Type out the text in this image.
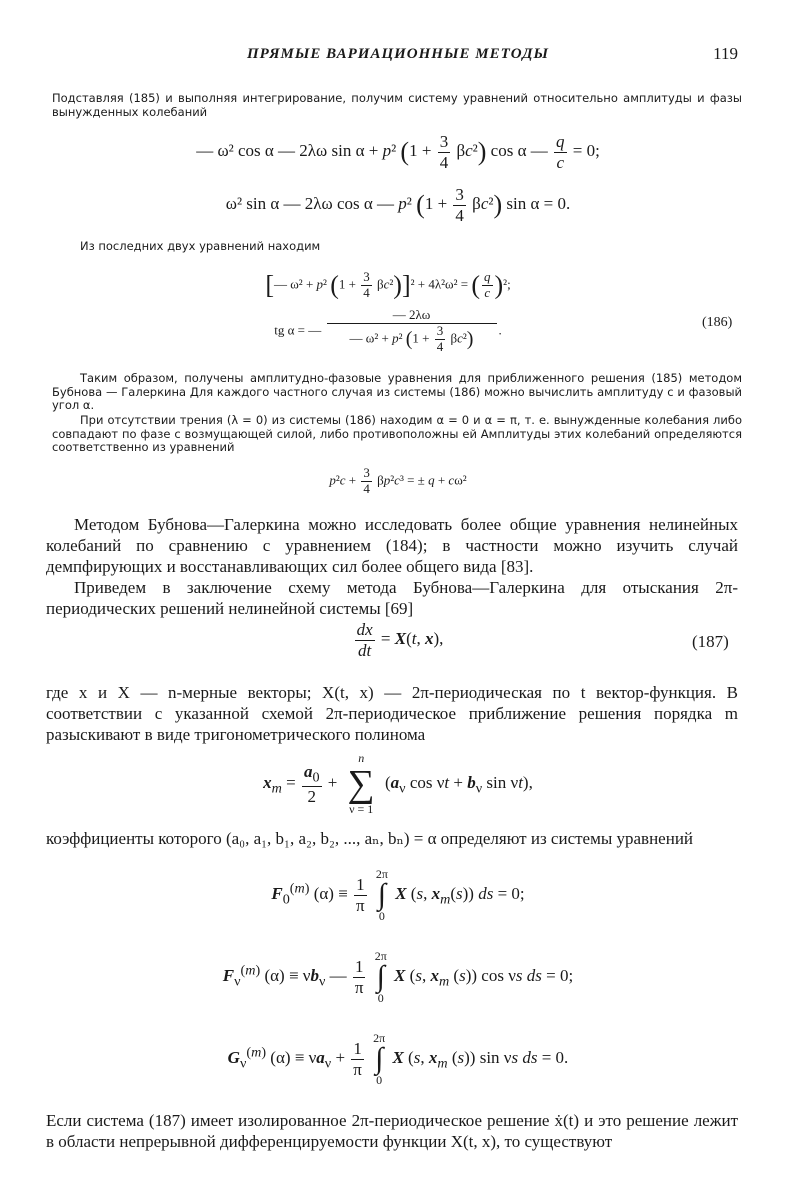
ПРЯМЫЕ ВАРИАЦИОННЫЕ МЕТОДЫ	119
Подставляя (185) и выполняя интегрирование, получим систему уравнений относительно амплитуды и фазы вынужденных колебаний
— ω² cos α — 2λω sin α + p² $(1 + \frac{3}{4} \beta c^2)$ cos α — $\frac{q}{c} = 0$;
ω² sin α — 2λω cos α — p² $(1 + \frac{3}{4} \beta c^2)$ sin α = 0.
Из последних двух уравнений находим
[— ω² + p² $(1 + \frac{3}{4} \beta c^2)]^2 + 4\lambda^2\omega^2$ = ( $\frac{q}{c} )^2$;
tg α = — $\frac{— 2\lambda\omega}{— \omega^2 + p^2 (1 + \frac{3}{4} \beta c^2)}$ .	(186)
Таким образом, получены амплитудно-фазовые уравнения для приближенного решения (185) методом Бубнова — Галеркина Для каждого частного случая из системы (186) можно вычислить амплитуду c и фазовый угол α.
При отсутствии трения (λ = 0) из системы (186) находим α = 0 и α = π, т. е. вынужденные колебания либо совпадают по фазе с возмущающей силой, либо противоположны ей Амплитуды этих колебаний определяются соответственно из уравнений
$p^2c + \frac{3}{4} \beta p^2c^3$ = ± q + cω²
Методом Бубнова—Галеркина можно исследовать более общие уравнения нелинейных колебаний по сравнению с уравнением (184); в частности можно изучить случай демпфирующих и восстанавливающих сил более общего вида [83].
Приведем в заключение схему метода Бубнова—Галеркина для отыскания 2π-периодических решений нелинейной системы [69]
$\frac{dx}{dt} = X(t$, x),	(187)
где x и X — n-мерные векторы; X(t, x) — 2π-периодическая по t вектор-функция. В соответствии с указанной схемой 2π-периодическое приближение решения порядка m разыскивают в виде тригонометрического полинома
$x_m = \frac{a_0}{2}$ +
n
∑
ν = 1
($a_\nu$ $\cos \nu t + b_\nu$ sin νt),
коэффициенты которого (a₀, a₁, b₁, a₂, b₂, ..., aₙ, bₙ) = α определяют из системы уравнений
$F_0^{(m)}$ $(\alpha) \equiv \frac{1}{\pi}$

2π
∫
0
X (s, $x_m(s)$) ds = 0;
$F_\nu^{(m)}$ $(\alpha) \equiv \nu b_\nu$ — $\frac{1}{\pi}$

2π
∫
0
X (s, $x_m$ (s)) cos νs ds = 0;
$G_\nu^{(m)}$ $(\alpha) \equiv \nu a_\nu + \frac{1}{\pi}$

2π
∫
0
X (s, $x_m$ (s)) sin νs ds = 0.
Если система (187) имеет изолированное 2π-периодическое решение ẋ(t) и это решение лежит в области непрерывной дифференцируемости функции X(t, x), то существуют
